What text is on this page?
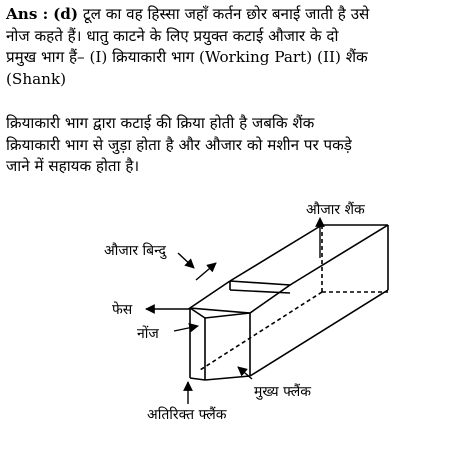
Ans : (d) टूल का वह हिस्सा जहाँ कर्तन छोर बनाई जाती है उसे
नोज कहते हैं। धातु काटने के लिए प्रयुक्त कटाई औजार के दो
प्रमुख भाग हैं– (I) क्रियाकारी भाग (Working Part) (II) शैंक
(Shank)
क्रियाकारी भाग द्वारा कटाई की क्रिया होती है जबकि शैंक
क्रियाकारी भाग से जुड़ा होता है और औजार को मशीन पर पकड़े
जाने में सहायक होता है।
औजार शैंक
औजार बिन्दु
फेस
नोंज
मुख्य फ्लैंक
अतिरिक्त फ्लैंक
